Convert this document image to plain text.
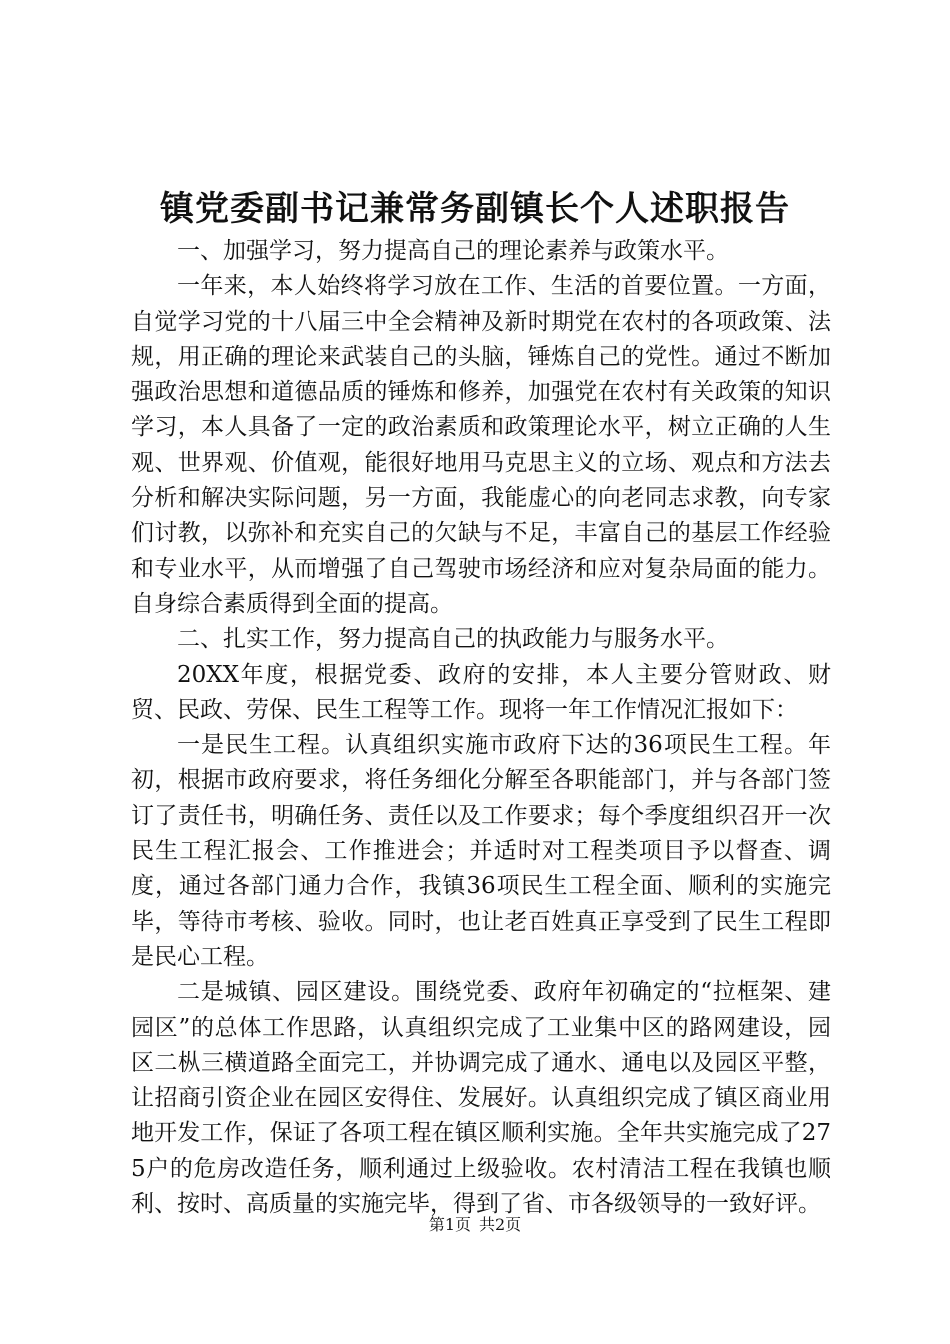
镇党委副书记兼常务副镇长个人述职报告

一、加强学习，努力提高自己的理论素养与政策水平。

一年来，本人始终将学习放在工作、生活的首要位置。一方面，自觉学习党的十八届三中全会精神及新时期党在农村的各项政策、法规，用正确的理论来武装自己的头脑，锤炼自己的党性。通过不断加强政治思想和道德品质的锤炼和修养，加强党在农村有关政策的知识学习，本人具备了一定的政治素质和政策理论水平，树立正确的人生观、世界观、价值观，能很好地用马克思主义的立场、观点和方法去分析和解决实际问题，另一方面，我能虚心的向老同志求教，向专家们讨教，以弥补和充实自己的欠缺与不足，丰富自己的基层工作经验和专业水平，从而增强了自己驾驶市场经济和应对复杂局面的能力。自身综合素质得到全面的提高。

二、扎实工作，努力提高自己的执政能力与服务水平。

20XX年度，根据党委、政府的安排，本人主要分管财政、财贸、民政、劳保、民生工程等工作。现将一年工作情况汇报如下：

一是民生工程。认真组织实施市政府下达的36项民生工程。年初，根据市政府要求，将任务细化分解至各职能部门，并与各部门签订了责任书，明确任务、责任以及工作要求；每个季度组织召开一次民生工程汇报会、工作推进会；并适时对工程类项目予以督查、调度，通过各部门通力合作，我镇36项民生工程全面、顺利的实施完毕，等待市考核、验收。同时，也让老百姓真正享受到了民生工程即是民心工程。

二是城镇、园区建设。围绕党委、政府年初确定的“拉框架、建园区”的总体工作思路，认真组织完成了工业集中区的路网建设，园区二枞三横道路全面完工，并协调完成了通水、通电以及园区平整，让招商引资企业在园区安得住、发展好。认真组织完成了镇区商业用地开发工作，保证了各项工程在镇区顺利实施。全年共实施完成了275户的危房改造任务，顺利通过上级验收。农村清洁工程在我镇也顺利、按时、高质量的实施完毕，得到了省、市各级领导的一致好评。

第1页 共2页
